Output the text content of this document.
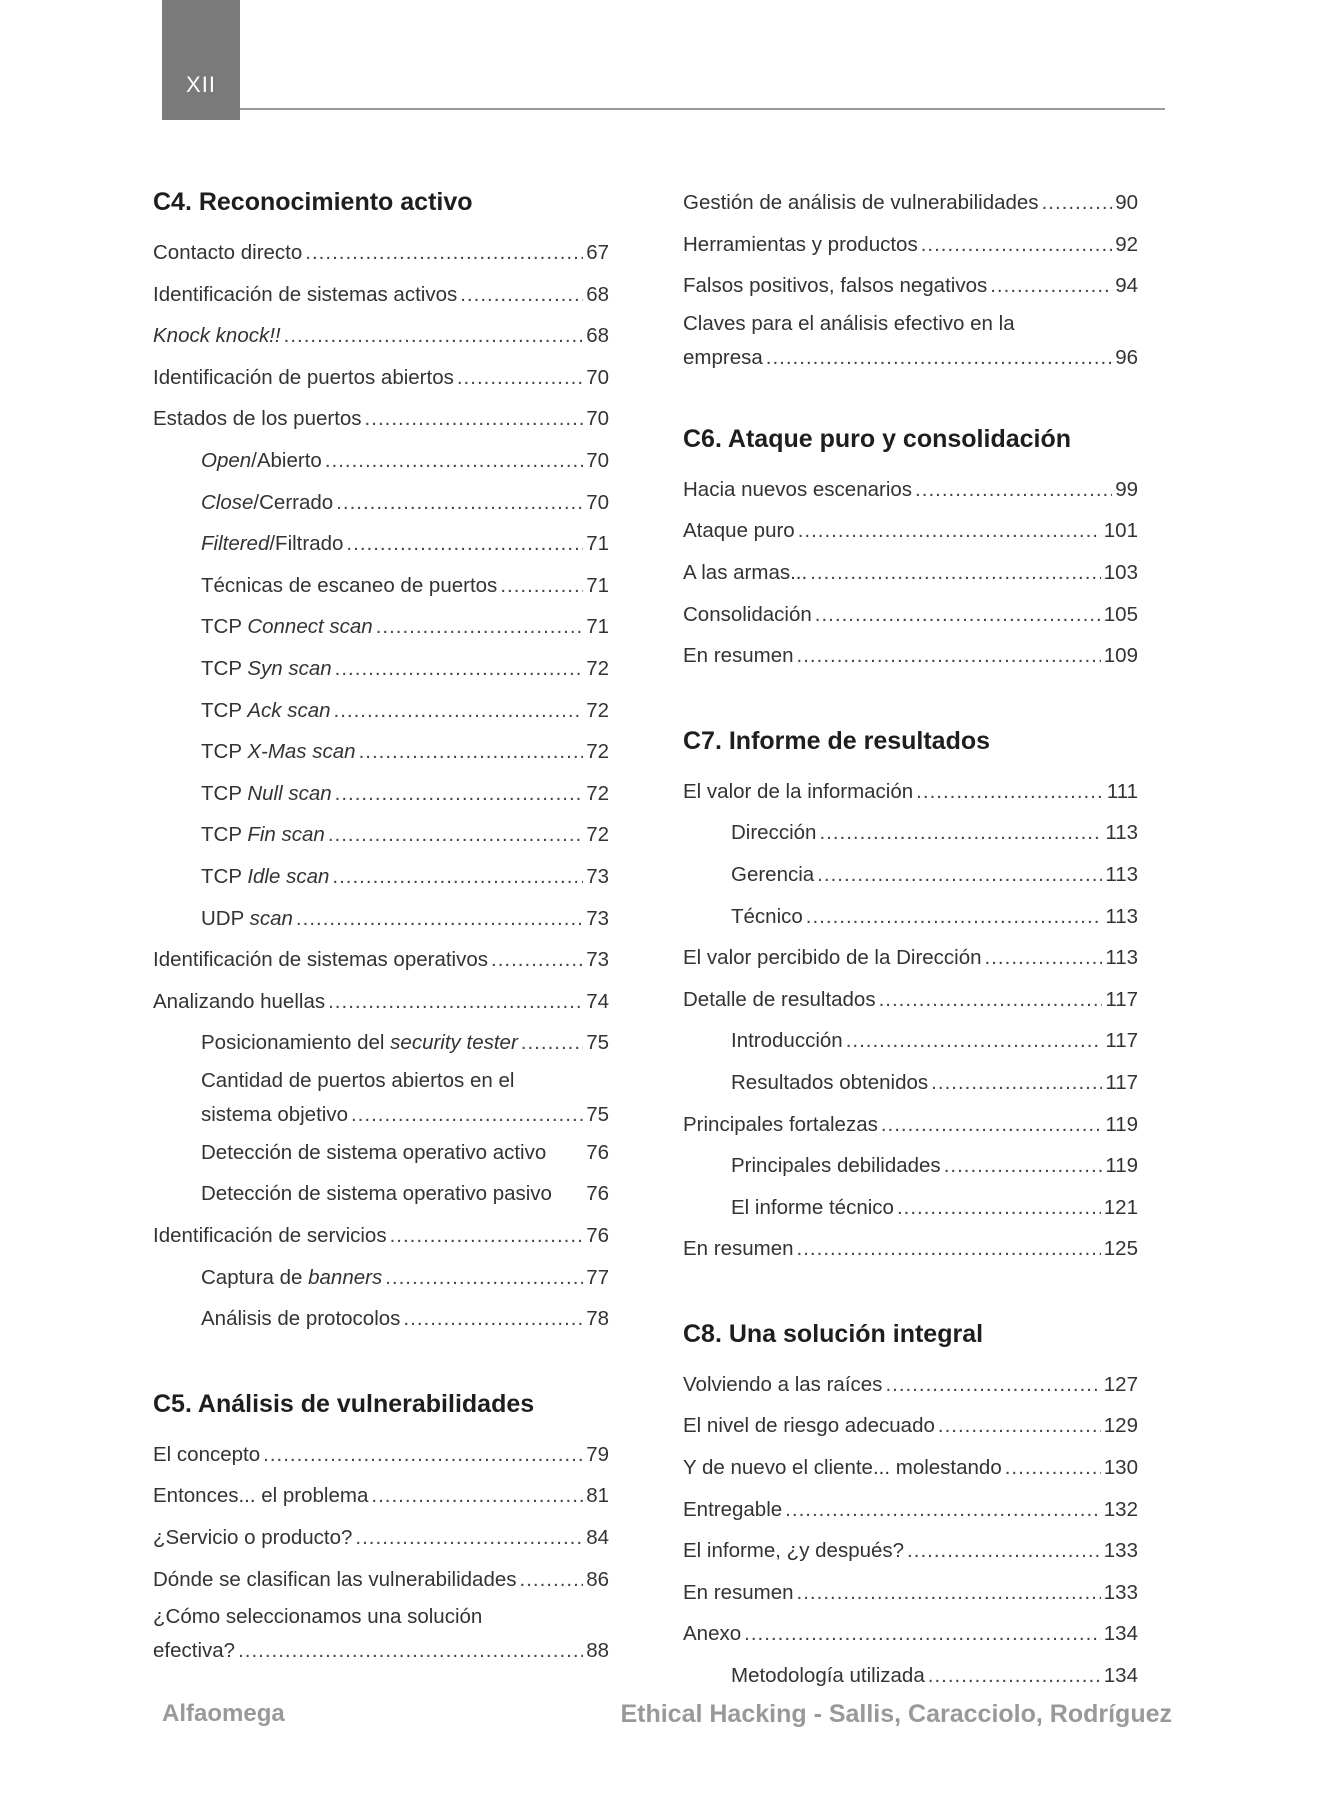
XII
C4. Reconocimiento activo
Contacto directo .....	67
Identificación de sistemas activos .....	68
Knock knock!! .....	68
Identificación de puertos abiertos .....	70
Estados de los puertos .....	70
Open/Abierto .....	70
Close/Cerrado .....	70
Filtered/Filtrado .....	71
Técnicas de escaneo de puertos .....	71
TCP Connect scan .....	71
TCP Syn scan .....	72
TCP Ack scan .....	72
TCP X-Mas scan .....	72
TCP Null scan .....	72
TCP Fin scan .....	72
TCP Idle scan .....	73
UDP scan .....	73
Identificación de sistemas operativos .....	73
Analizando huellas .....	74
Posicionamiento del security tester .....	75
Cantidad de puertos abiertos en el
sistema objetivo .....	75
Detección de sistema operativo activo 76
Detección de sistema operativo pasivo 76
Identificación de servicios .....	76
Captura de banners .....	77
Análisis de protocolos .....	78
C5. Análisis de vulnerabilidades
El concepto .....	79
Entonces... el problema .....	81
¿Servicio o producto? .....	84
Dónde se clasifican las vulnerabilidades .....	86
¿Cómo seleccionamos una solución
efectiva? .....	88
Gestión de análisis de vulnerabilidades .....	90
Herramientas y productos .....	92
Falsos positivos, falsos negativos .....	94
Claves para el análisis efectivo en la
empresa .....	96
C6. Ataque puro y consolidación
Hacia nuevos escenarios .....	99
Ataque puro .....	101
A las armas... .....	103
Consolidación .....	105
En resumen .....	109
C7. Informe de resultados
El valor de la información .....	111
Dirección .....	113
Gerencia .....	113
Técnico .....	113
El valor percibido de la Dirección .....	113
Detalle de resultados .....	117
Introducción .....	117
Resultados obtenidos .....	117
Principales fortalezas .....	119
Principales debilidades .....	119
El informe técnico .....	121
En resumen .....	125
C8. Una solución integral
Volviendo a las raíces .....	127
El nivel de riesgo adecuado .....	129
Y de nuevo el cliente... molestando .....	130
Entregable .....	132
El informe, ¿y después? .....	133
En resumen .....	133
Anexo .....	134
Metodología utilizada .....	134
Alfaomega	Ethical Hacking - Sallis, Caracciolo, Rodríguez
